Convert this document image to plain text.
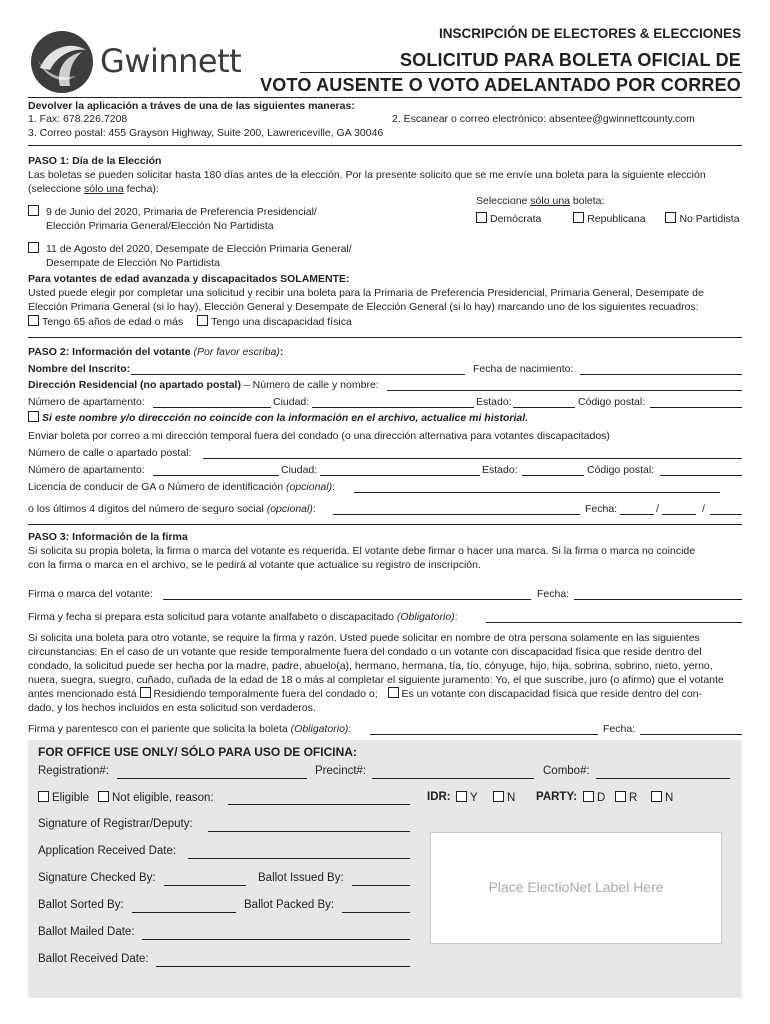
Gwinnett
INSCRIPCIÓN DE ELECTORES & ELECCIONES
SOLICITUD PARA BOLETA OFICIAL DE
VOTO AUSENTE O VOTO ADELANTADO POR CORREO
Devolver la aplicación a tráves de una de las siguientes maneras:
1. Fax: 678.226.7208	2. Escanear o correo electrónico: absentee@gwinnettcounty.com
3. Correo postal: 455 Grayson Highway, Suite 200, Lawrenceville, GA 30046
PASO 1: Día de la Elección
Las boletas se pueden solicitar hasta 180 días antes de la elección. Por la presente solicito que se me envíe una boleta para la siguiente elección
(seleccione sólo una fecha):
Seleccione sólo una boleta:
Demócrata	Republicana	No Partidista
9 de Junio del 2020, Primaria de Preferencia Presidencial/
Elección Primaria General/Elección No Partidista
11 de Agosto del 2020, Desempate de Elección Primaria General/
Desempate de Elección No Partidista
Para votantes de edad avanzada y discapacitados SOLAMENTE:
Usted puede elegir por completar una solicitud y recibir una boleta para la Primaria de Preferencia Presidencial, Primaria General, Desempate de
Elección Primaria General (si lo hay), Elección General y Desempate de Elección General (si lo hay) marcando uno de los siguientes recuadros:
Tengo 65 años de edad o más	Tengo una discapacidad física
PASO 2: Información del votante (Por favor escriba):
Nombre del Inscrito:	Fecha de nacimiento:
Dirección Residencial (no apartado postal) – Número de calle y nombre:
Número de apartamento:	Ciudad:	Estado:	Código postal:
Si este nombre y/o direccción no coincide con la información en el archivo, actualice mi historial.
Enviar boleta por correo a mi dirección temporal fuera del condado (o una dirección alternativa para votantes discapacitados)
Número de calle o apartado postal:
Número de apartamento:	Ciudad:	Estado:	Código postal:
Licencia de conducir de GA o Número de identificación (opcional):
o los últimos 4 dígitos del número de seguro social (opcional):	Fecha:	/	/
PASO 3: Información de la firma
Si solicita su propia boleta, la firma o marca del votante es requerida. El votante debe firmar o hacer una marca. Si la firma o marca no coincide
con la firma o marca en el archivo, se le pedirá al votante que actualice su registro de inscripción.
Firma o marca del votante:	Fecha:
Firma y fecha si prepara esta solicitud para votante analfabeto o discapacitado (Obligatorio):
Si solicita una boleta para otro votante, se require la firma y razón. Usted puede solicitar en nombre de otra persona solamente en las siguientes
circunstancias: En el caso de un votante que reside temporalmente fuera del condado o un votante con discapacidad física que reside dentro del
condado, la solicitud puede ser hecha por la madre, padre, abuelo(a), hermano, hermana, tía, tío, cónyuge, hijo, hija, sobrina, sobrino, nieto, yerno,
nuera, suegra, suegro, cuñado, cuñada de la edad de 18 o más al completar el siguiente juramento: Yo, el que suscribe, juro (o afirmo) que el votante
antes mencionado está Residiendo temporalmente fuera del condado o; Es un votante con discapacidad física que reside dentro del con-
dado, y los hechos incluidos en esta solicitud son verdaderos.
Firma y parentesco con el pariente que solicita la boleta (Obligatorio):	Fecha:
FOR OFFICE USE ONLY/ SÓLO PARA USO DE OFICINA:
Registration#:	Precinct#:	Combo#:
Eligible	Not eligible, reason:	IDR:	Y	N PARTY:	D	R	N
Signature of Registrar/Deputy:
Application Received Date:
Signature Checked By:	Ballot Issued By:
Ballot Sorted By:	Ballot Packed By:
Ballot Mailed Date:
Ballot Received Date:
Place ElectioNet Label Here
